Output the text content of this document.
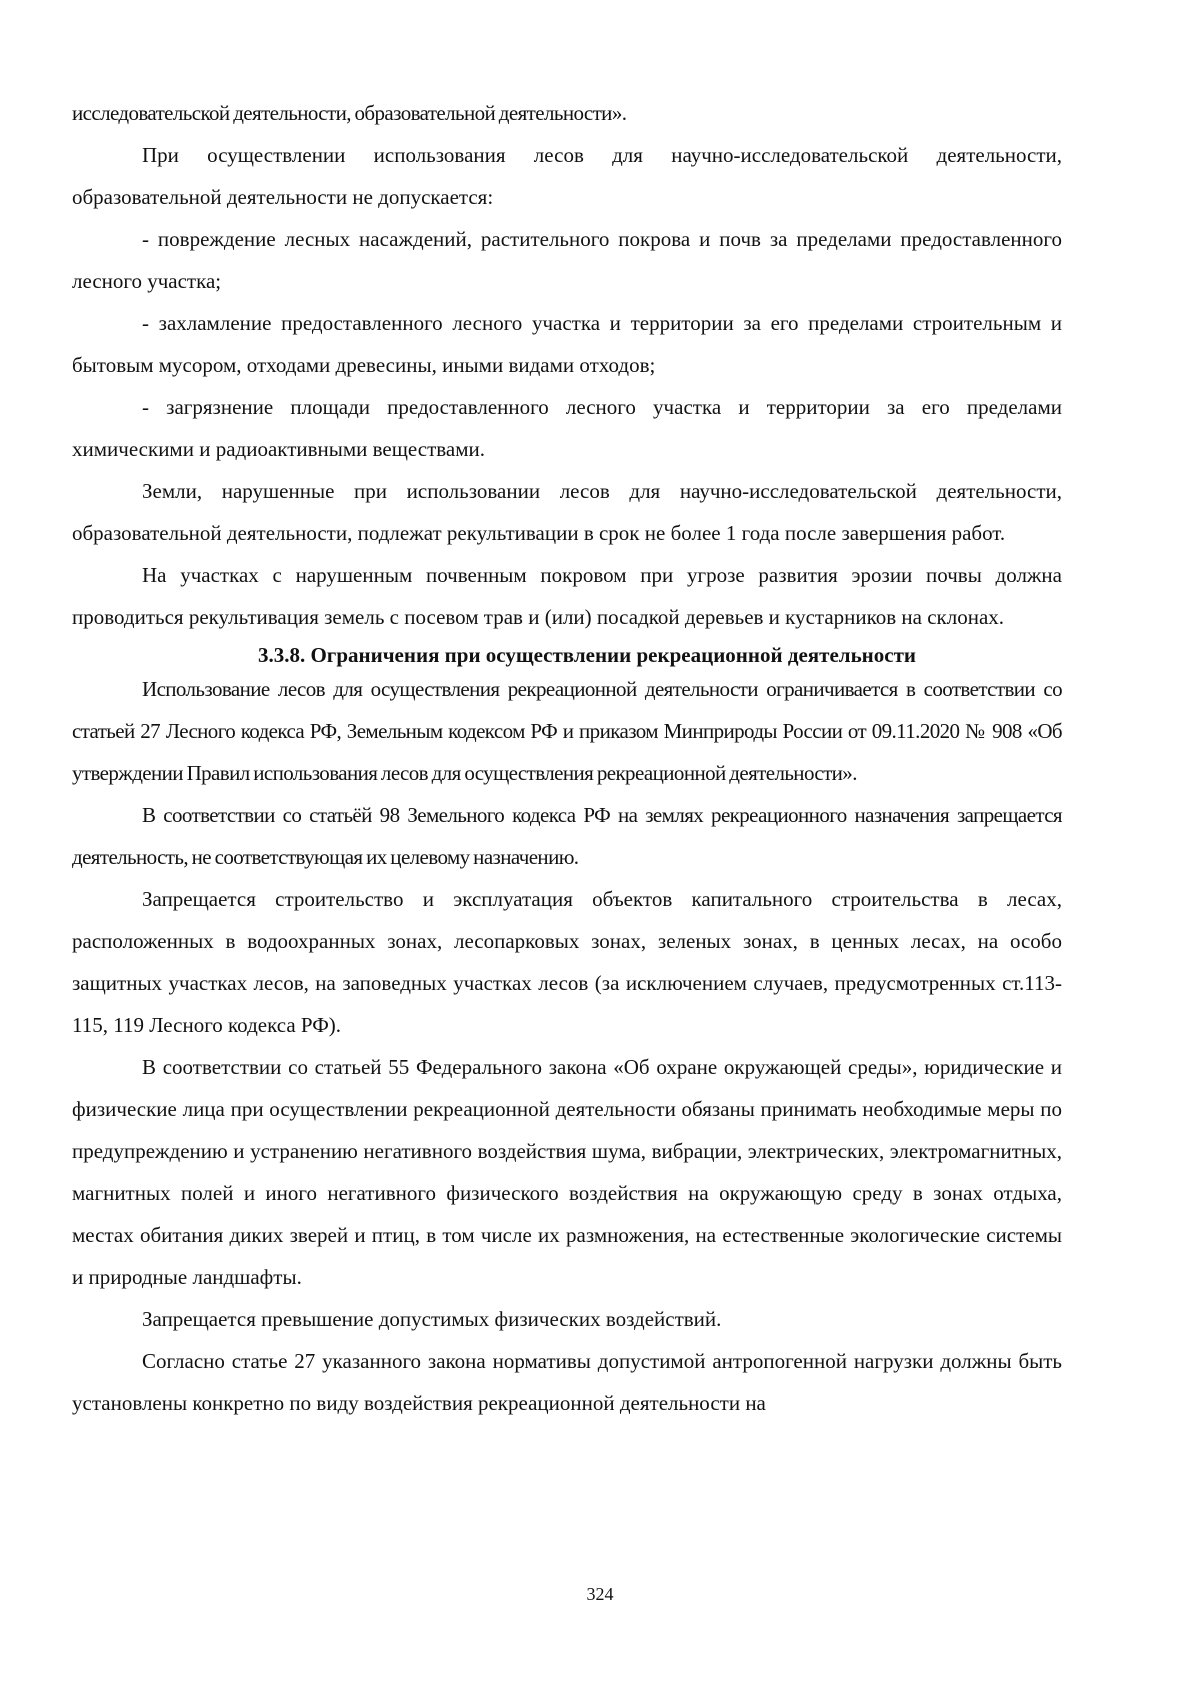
исследовательской деятельности, образовательной деятельности».

При осуществлении использования лесов для научно-исследовательской деятельности, образовательной деятельности не допускается:

- повреждение лесных насаждений, растительного покрова и почв за пределами предоставленного лесного участка;

- захламление предоставленного лесного участка и территории за его пределами строительным и бытовым мусором, отходами древесины, иными видами отходов;

- загрязнение площади предоставленного лесного участка и территории за его пределами химическими и радиоактивными веществами.

Земли, нарушенные при использовании лесов для научно-исследовательской деятельности, образовательной деятельности, подлежат рекультивации в срок не более 1 года после завершения работ.

На участках с нарушенным почвенным покровом при угрозе развития эрозии почвы должна проводиться рекультивация земель с посевом трав и (или) посадкой деревьев и кустарников на склонах.

3.3.8. Ограничения при осуществлении рекреационной деятельности

Использование лесов для осуществления рекреационной деятельности ограничивается в соответствии со статьей 27 Лесного кодекса РФ, Земельным кодексом РФ и приказом Минприроды России от 09.11.2020 № 908 «Об утверждении Правил использования лесов для осуществления рекреационной деятельности».

В соответствии со статьёй 98 Земельного кодекса РФ на землях рекреационного назначения запрещается деятельность, не соответствующая их целевому назначению.

Запрещается строительство и эксплуатация объектов капитального строительства в лесах, расположенных в водоохранных зонах, лесопарковых зонах, зеленых зонах, в ценных лесах, на особо защитных участках лесов, на заповедных участках лесов (за исключением случаев, предусмотренных ст.113-115, 119 Лесного кодекса РФ).

В соответствии со статьей 55 Федерального закона «Об охране окружающей среды», юридические и физические лица при осуществлении рекреационной деятельности обязаны принимать необходимые меры по предупреждению и устранению негативного воздействия шума, вибрации, электрических, электромагнитных, магнитных полей и иного негативного физического воздействия на окружающую среду в зонах отдыха, местах обитания диких зверей и птиц, в том числе их размножения, на естественные экологические системы и природные ландшафты.

Запрещается превышение допустимых физических воздействий.

Согласно статье 27 указанного закона нормативы допустимой антропогенной нагрузки должны быть установлены конкретно по виду воздействия рекреационной деятельности на

324
